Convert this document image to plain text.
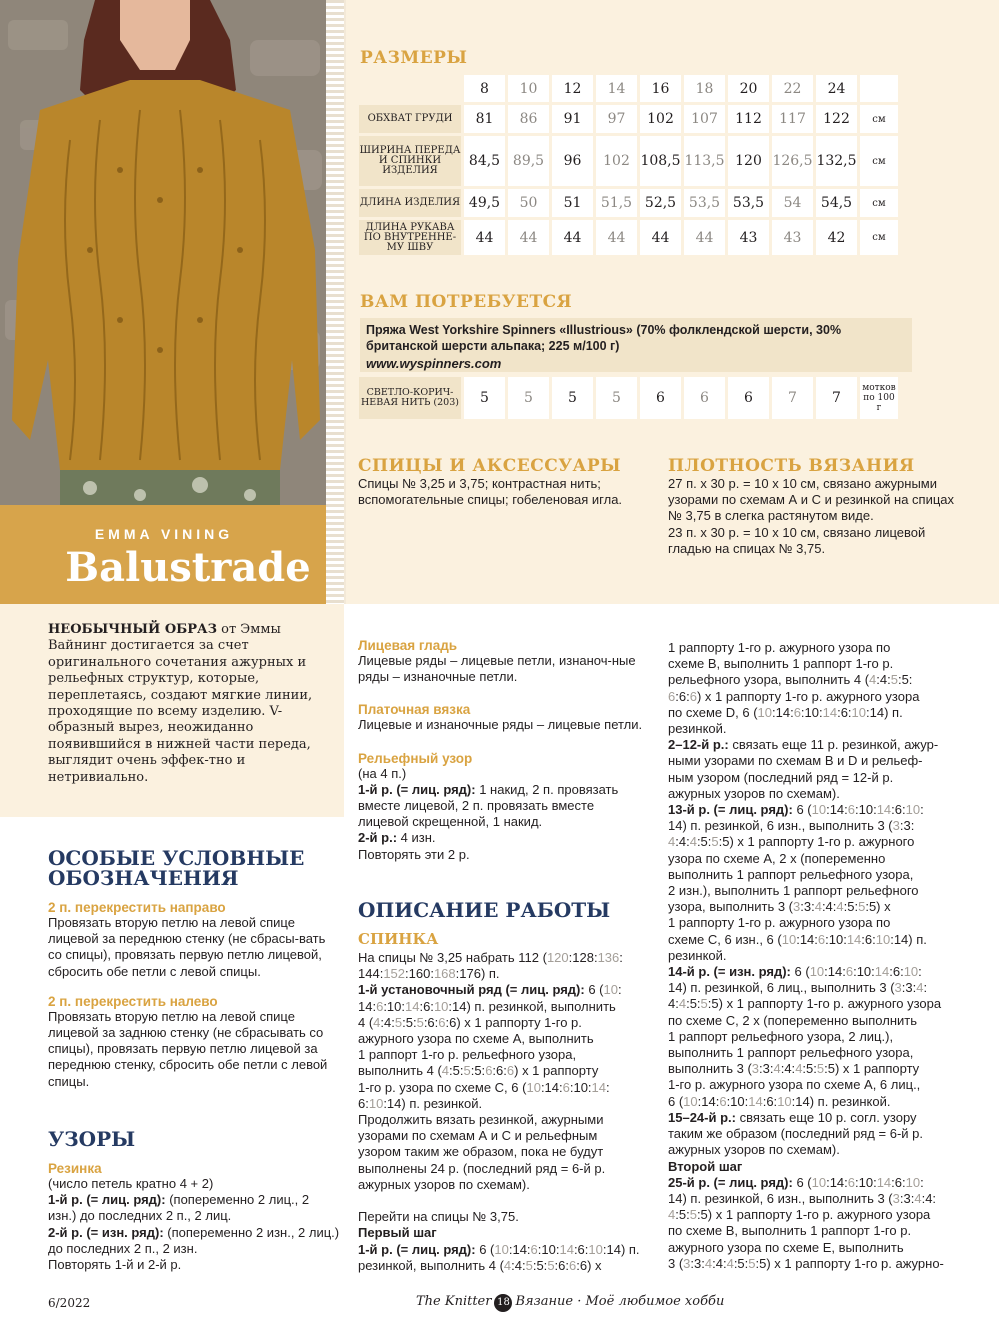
EMMA VINING
Balustrade
РАЗМЕРЫ
	8	10	12	14	16	18	20	22	24	
ОБХВАТ ГРУДИ	81	86	91	97	102	107	112	117	122	см
ШИРИНА ПЕРЕДА И СПИНКИ ИЗДЕЛИЯ	84,5	89,5	96	102	108,5	113,5	120	126,5	132,5	см
ДЛИНА ИЗДЕЛИЯ	49,5	50	51	51,5	52,5	53,5	53,5	54	54,5	см
ДЛИНА РУКАВА ПО ВНУТРЕННЕ-МУ ШВУ	44	44	44	44	44	44	43	43	42	см
ВАМ ПОТРЕБУЕТСЯ
Пряжа West Yorkshire Spinners «Illustrious» (70% фолклендской шерсти, 30% британской шерсти альпака; 225 м/100 г)
www.wyspinners.com
СВЕТЛО-КОРИЧ-НЕВАЯ НИТЬ (203)	5	5	5	5	6	6	6	7	7	мотков по 100 г
СПИЦЫ И АКСЕССУАРЫ
Спицы № 3,25 и 3,75; контрастная нить; вспомогательные спицы; гобеленовая игла.
ПЛОТНОСТЬ ВЯЗАНИЯ
27 п. х 30 р. = 10 х 10 см, связано ажурными узорами по схемам А и С и резинкой на спицах № 3,75 в слегка растянутом виде.
23 п. х 30 р. = 10 х 10 см, связано лицевой гладью на спицах № 3,75.
НЕОБЫЧНЫЙ ОБРАЗ от Эммы Вайнинг достигается за счет оригинального сочетания ажурных и рельефных структур, которые, переплетаясь, создают мягкие линии, проходящие по всему изделию. V-образный вырез, неожиданно появившийся в нижней части переда, выглядит очень эффек-тно и нетривиально.
ОСОБЫЕ УСЛОВНЫЕ ОБОЗНАЧЕНИЯ
2 п. перекрестить направо
Провязать вторую петлю на левой спице лицевой за переднюю стенку (не сбрасы-вать со спицы), провязать первую петлю лицевой, сбросить обе петли с левой спицы.
2 п. перекрестить налево
Провязать вторую петлю на левой спице лицевой за заднюю стенку (не сбрасывать со спицы), провязать первую петлю лицевой за переднюю стенку, сбросить обе петли с левой спицы.
УЗОРЫ
Резинка
(число петель кратно 4 + 2)
1-й р. (= лиц. ряд): (попеременно 2 лиц., 2 изн.) до последних 2 п., 2 лиц.
2-й р. (= изн. ряд): (попеременно 2 изн., 2 лиц.) до последних 2 п., 2 изн.
Повторять 1-й и 2-й р.
Лицевая гладь
Лицевые ряды – лицевые петли, изнаноч-ные ряды – изнаночные петли.
Платочная вязка
Лицевые и изнаночные ряды – лицевые петли.
Рельефный узор
(на 4 п.)
1-й р. (= лиц. ряд): 1 накид, 2 п. провязать вместе лицевой, 2 п. провязать вместе лицевой скрещенной, 1 накид.
2-й р.: 4 изн.
Повторять эти 2 р.
ОПИСАНИЕ РАБОТЫ
СПИНКА
На спицы № 3,25 набрать 112 (120:128:136:
144:152:160:168:176) п.
1-й установочный ряд (= лиц. ряд): 6 (10:
14:6:10:14:6:10:14) п. резинкой, выполнить
4 (4:4:5:5:5:6:6:6) х 1 раппорту 1-го р.
ажурного узора по схеме А, выполнить
1 раппорт 1-го р. рельефного узора,
выполнить 4 (4:5:5:5:6:6:6) х 1 раппорту
1-го р. узора по схеме С, 6 (10:14:6:10:14:
6:10:14) п. резинкой.
Продолжить вязать резинкой, ажурными
узорами по схемам А и С и рельефным
узором таким же образом, пока не будут
выполнены 24 р. (последний ряд = 6-й р.
ажурных узоров по схемам).

Перейти на спицы № 3,75.
Первый шаг
1-й р. (= лиц. ряд): 6 (10:14:6:10:14:6:10:14) п.
резинкой, выполнить 4 (4:4:5:5:5:6:6:6) х
1 раппорту 1-го р. ажурного узора по
схеме В, выполнить 1 раппорт 1-го р.
рельефного узора, выполнить 4 (4:4:5:5:
6:6:6) х 1 раппорту 1-го р. ажурного узора
по схеме D, 6 (10:14:6:10:14:6:10:14) п.
резинкой.
2–12-й р.: связать еще 11 р. резинкой, ажур-
ными узорами по схемам В и D и рельеф-
ным узором (последний ряд = 12-й р.
ажурных узоров по схемам).
13-й р. (= лиц. ряд): 6 (10:14:6:10:14:6:10:
14) п. резинкой, 6 изн., выполнить 3 (3:3:
4:4:4:5:5:5) х 1 раппорту 1-го р. ажурного
узора по схеме А, 2 х (попеременно
выполнить 1 раппорт рельефного узора,
2 изн.), выполнить 1 раппорт рельефного
узора, выполнить 3 (3:3:4:4:4:5:5:5) х
1 раппорту 1-го р. ажурного узора по
схеме С, 6 изн., 6 (10:14:6:10:14:6:10:14) п.
резинкой.
14-й р. (= изн. ряд): 6 (10:14:6:10:14:6:10:
14) п. резинкой, 6 лиц., выполнить 3 (3:3:4:
4:4:5:5:5) х 1 раппорту 1-го р. ажурного узора
по схеме С, 2 х (попеременно выполнить
1 раппорт рельефного узора, 2 лиц.),
выполнить 1 раппорт рельефного узора,
выполнить 3 (3:3:4:4:4:5:5:5) х 1 раппорту
1-го р. ажурного узора по схеме А, 6 лиц.,
6 (10:14:6:10:14:6:10:14) п. резинкой.
15–24-й р.: связать еще 10 р. согл. узору
таким же образом (последний ряд = 6-й р.
ажурных узоров по схемам).
Второй шаг
25-й р. (= лиц. ряд): 6 (10:14:6:10:14:6:10:
14) п. резинкой, 6 изн., выполнить 3 (3:3:4:4:
4:5:5:5) х 1 раппорту 1-го р. ажурного узора
по схеме В, выполнить 1 раппорт 1-го р.
ажурного узора по схеме Е, выполнить
3 (3:3:4:4:4:5:5:5) х 1 раппорту 1-го р. ажурно-
6/2022	The Knitter 18 Вязание · Моё любимое хобби
